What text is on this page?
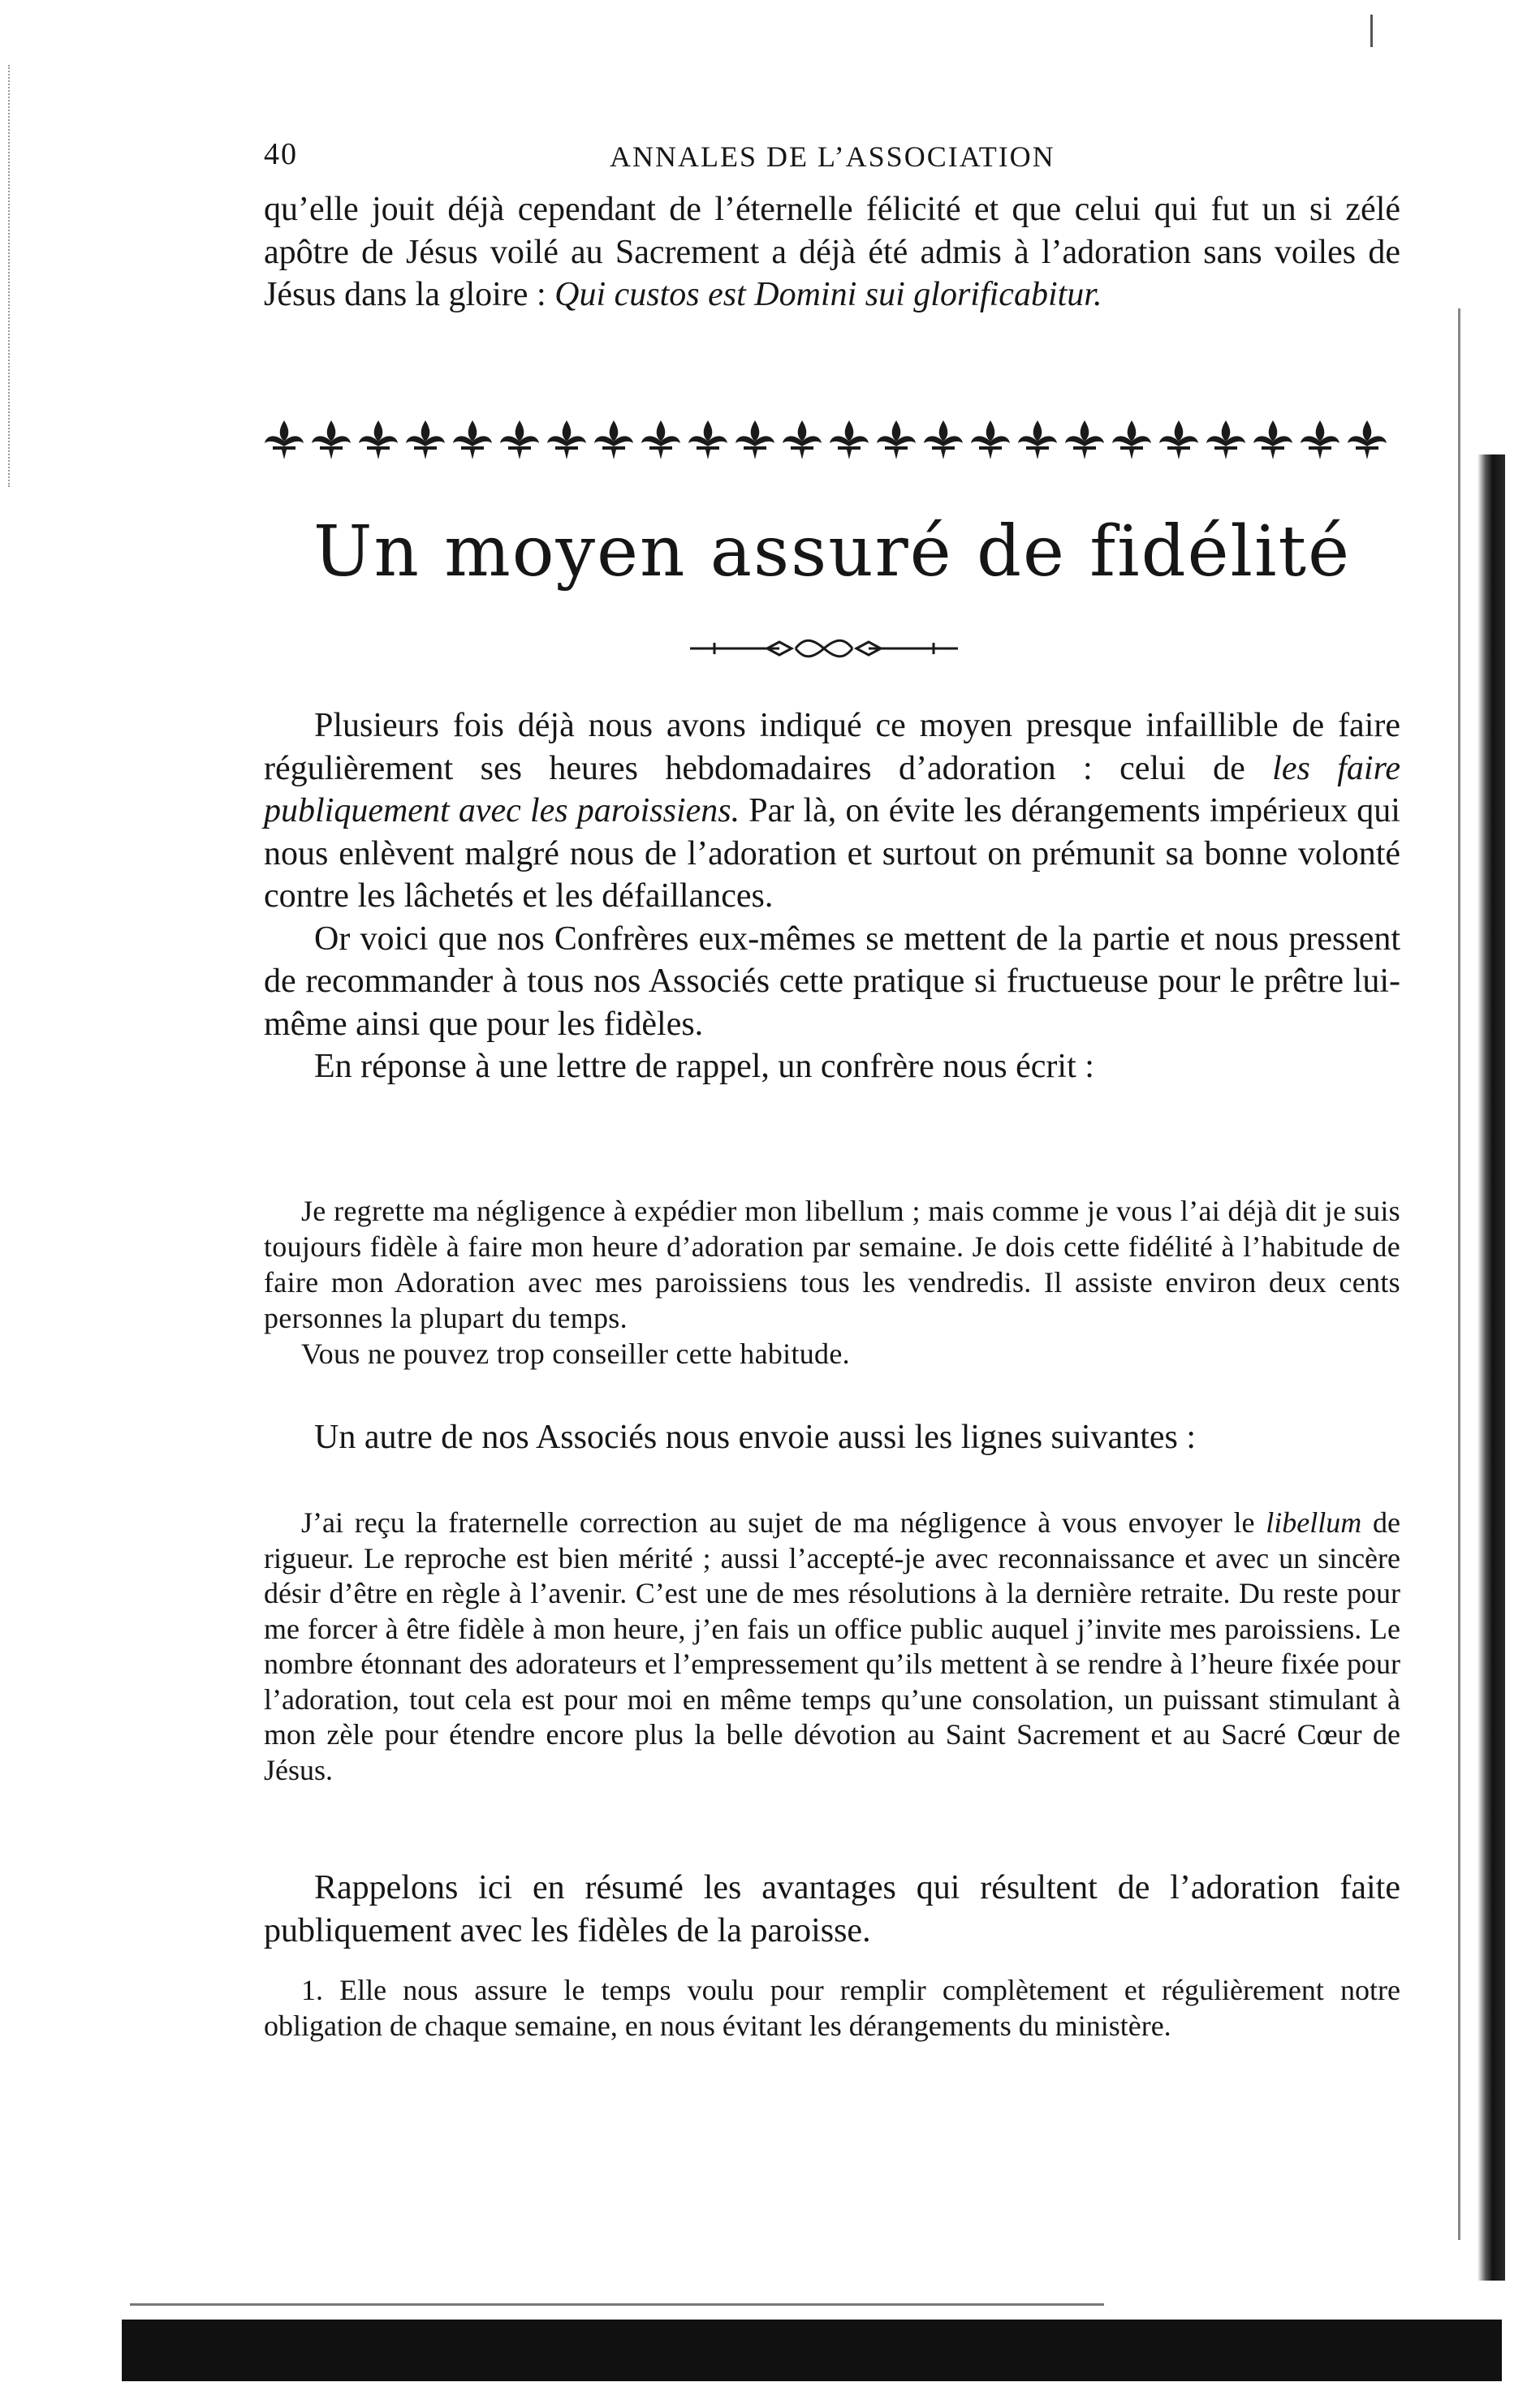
40	ANNALES DE L’ASSOCIATION

qu’elle jouit déjà cependant de l’éternelle félicité et que celui qui fut un si zélé apôtre de Jésus voilé au Sacrement a déjà été admis à l’adoration sans voiles de Jésus dans la gloire : Qui custos est Domini sui glorificabitur.

Un moyen assuré de fidélité

Plusieurs fois déjà nous avons indiqué ce moyen presque infaillible de faire régulièrement ses heures hebdomadaires d’adoration : celui de les faire publiquement avec les paroissiens. Par là, on évite les dérangements impérieux qui nous enlèvent malgré nous de l’adoration et surtout on prémunit sa bonne volonté contre les lâchetés et les défaillances.

Or voici que nos Confrères eux-mêmes se mettent de la partie et nous pressent de recommander à tous nos Associés cette pratique si fructueuse pour le prêtre lui-même ainsi que pour les fidèles.

En réponse à une lettre de rappel, un confrère nous écrit :

Je regrette ma négligence à expédier mon libellum ; mais comme je vous l’ai déjà dit je suis toujours fidèle à faire mon heure d’adoration par semaine. Je dois cette fidélité à l’habitude de faire mon Adoration avec mes paroissiens tous les vendredis. Il assiste environ deux cents personnes la plupart du temps.

Vous ne pouvez trop conseiller cette habitude.

Un autre de nos Associés nous envoie aussi les lignes suivantes :

J’ai reçu la fraternelle correction au sujet de ma négligence à vous envoyer le libellum de rigueur. Le reproche est bien mérité ; aussi l’accepté-je avec reconnaissance et avec un sincère désir d’être en règle à l’avenir. C’est une de mes résolutions à la dernière retraite. Du reste pour me forcer à être fidèle à mon heure, j’en fais un office public auquel j’invite mes paroissiens. Le nombre étonnant des adorateurs et l’empressement qu’ils mettent à se rendre à l’heure fixée pour l’adoration, tout cela est pour moi en même temps qu’une consolation, un puissant stimulant à mon zèle pour étendre encore plus la belle dévotion au Saint Sacrement et au Sacré Cœur de Jésus.

Rappelons ici en résumé les avantages qui résultent de l’adoration faite publiquement avec les fidèles de la paroisse.

1. Elle nous assure le temps voulu pour remplir complètement et régulièrement notre obligation de chaque semaine, en nous évitant les dérangements du ministère.
